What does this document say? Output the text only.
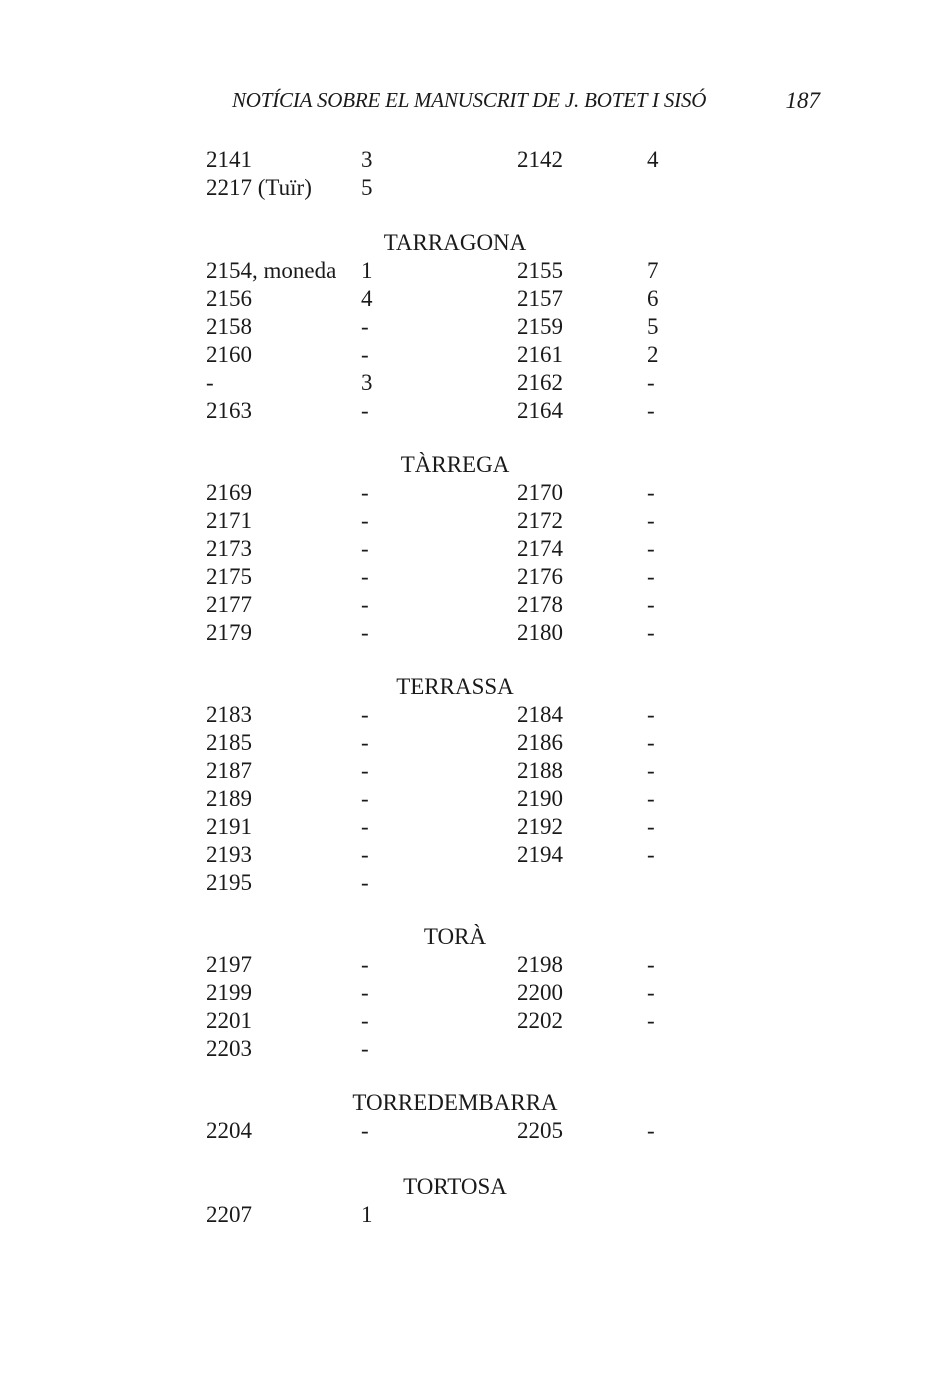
NOTÍCIA SOBRE EL MANUSCRIT DE J. BOTET I SISÓ	187
2141	3	2142	4
2217 (Tuïr) 5
TARRAGONA
2154, moneda 1	2155	7
2156	4	2157	6
2158	-	2159	5
2160	-	2161	2
-	3	2162	-
2163	-	2164	-
TÀRREGA
2169	-	2170	-
2171	-	2172	-
2173	-	2174	-
2175	-	2176	-
2177	-	2178	-
2179	-	2180	-
TERRASSA
2183	-	2184	-
2185	-	2186	-
2187	-	2188	-
2189	-	2190	-
2191	-	2192	-
2193	-	2194	-
2195	-
TORÀ
2197	-	2198	-
2199	-	2200	-
2201	-	2202	-
2203	-
TORREDEMBARRA
2204	-	2205	-
TORTOSA
2207	1
